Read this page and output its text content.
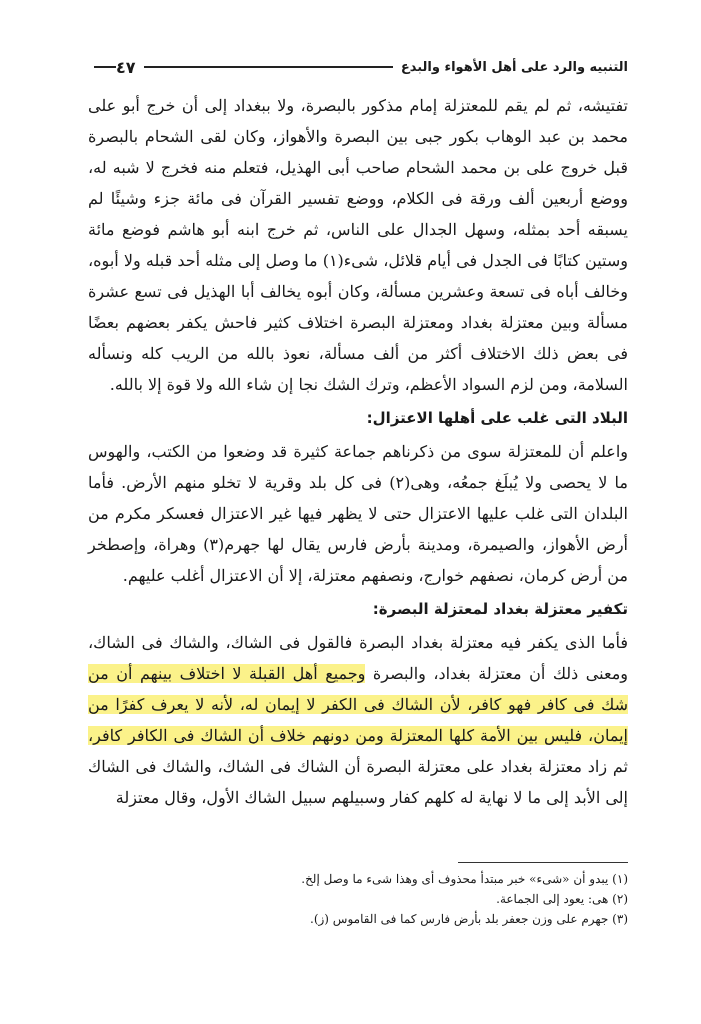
التنبيه والرد على أهل الأهواء والبدع
٤٧

تفتيشه، ثم لم يقم للمعتزلة إمام مذكور بالبصرة، ولا ببغداد إلى أن خرج أبو على محمد بن عبد الوهاب بكور جبى بين البصرة والأهواز، وكان لقى الشحام بالبصرة قبل خروج على بن محمد الشحام صاحب أبى الهذيل، فتعلم منه فخرج لا شبه له، ووضع أربعين ألف ورقة فى الكلام، ووضع تفسير القرآن فى مائة جزء وشيئًا لم يسبقه أحد بمثله، وسهل الجدال على الناس، ثم خرج ابنه أبو هاشم فوضع مائة وستين كتابًا فى الجدل فى أيام قلائل، شىء(١) ما وصل إلى مثله أحد قبله ولا أبوه، وخالف أباه فى تسعة وعشرين مسألة، وكان أبوه يخالف أبا الهذيل فى تسع عشرة مسألة وبين معتزلة بغداد ومعتزلة البصرة اختلاف كثير فاحش يكفر بعضهم بعضًا فى بعض ذلك الاختلاف أكثر من ألف مسألة، نعوذ بالله من الريب كله ونسأله السلامة، ومن لزم السواد الأعظم، وترك الشك نجا إن شاء الله ولا قوة إلا بالله.

البلاد التى غلب على أهلها الاعتزال:

واعلم أن للمعتزلة سوى من ذكرناهم جماعة كثيرة قد وضعوا من الكتب، والهوس ما لا يحصى ولا يُبلَغ جمعُه، وهى(٢) فى كل بلد وقرية لا تخلو منهم الأرض. فأما البلدان التى غلب عليها الاعتزال حتى لا يظهر فيها غير الاعتزال فعسكر مكرم من أرض الأهواز، والصيمرة، ومدينة بأرض فارس يقال لها جهرم(٣) وهراة، وإصطخر من أرض كرمان، نصفهم خوارج، ونصفهم معتزلة، إلا أن الاعتزال أغلب عليهم.

تكفير معتزلة بغداد لمعتزلة البصرة:

فأما الذى يكفر فيه معتزلة بغداد البصرة فالقول فى الشاك، والشاك فى الشاك، ومعنى ذلك أن معتزلة بغداد، والبصرة وجميع أهل القبلة لا اختلاف بينهم أن من شك فى كافر فهو كافر، لأن الشاك فى الكفر لا إيمان له، لأنه لا يعرف كفرًا من إيمان، فليس بين الأمة كلها المعتزلة ومن دونهم خلاف أن الشاك فى الكافر كافر، ثم زاد معتزلة بغداد على معتزلة البصرة أن الشاك فى الشاك، والشاك فى الشاك إلى الأبد إلى ما لا نهاية له كلهم كفار وسبيلهم سبيل الشاك الأول، وقال معتزلة

(١) يبدو أن «شىء» خبر مبتدأ محذوف أى وهذا شىء ما وصل إلخ.

(٢) هى: يعود إلى الجماعة.

(٣) جهرم على وزن جعفر بلد بأرض فارس كما فى القاموس (ز).
